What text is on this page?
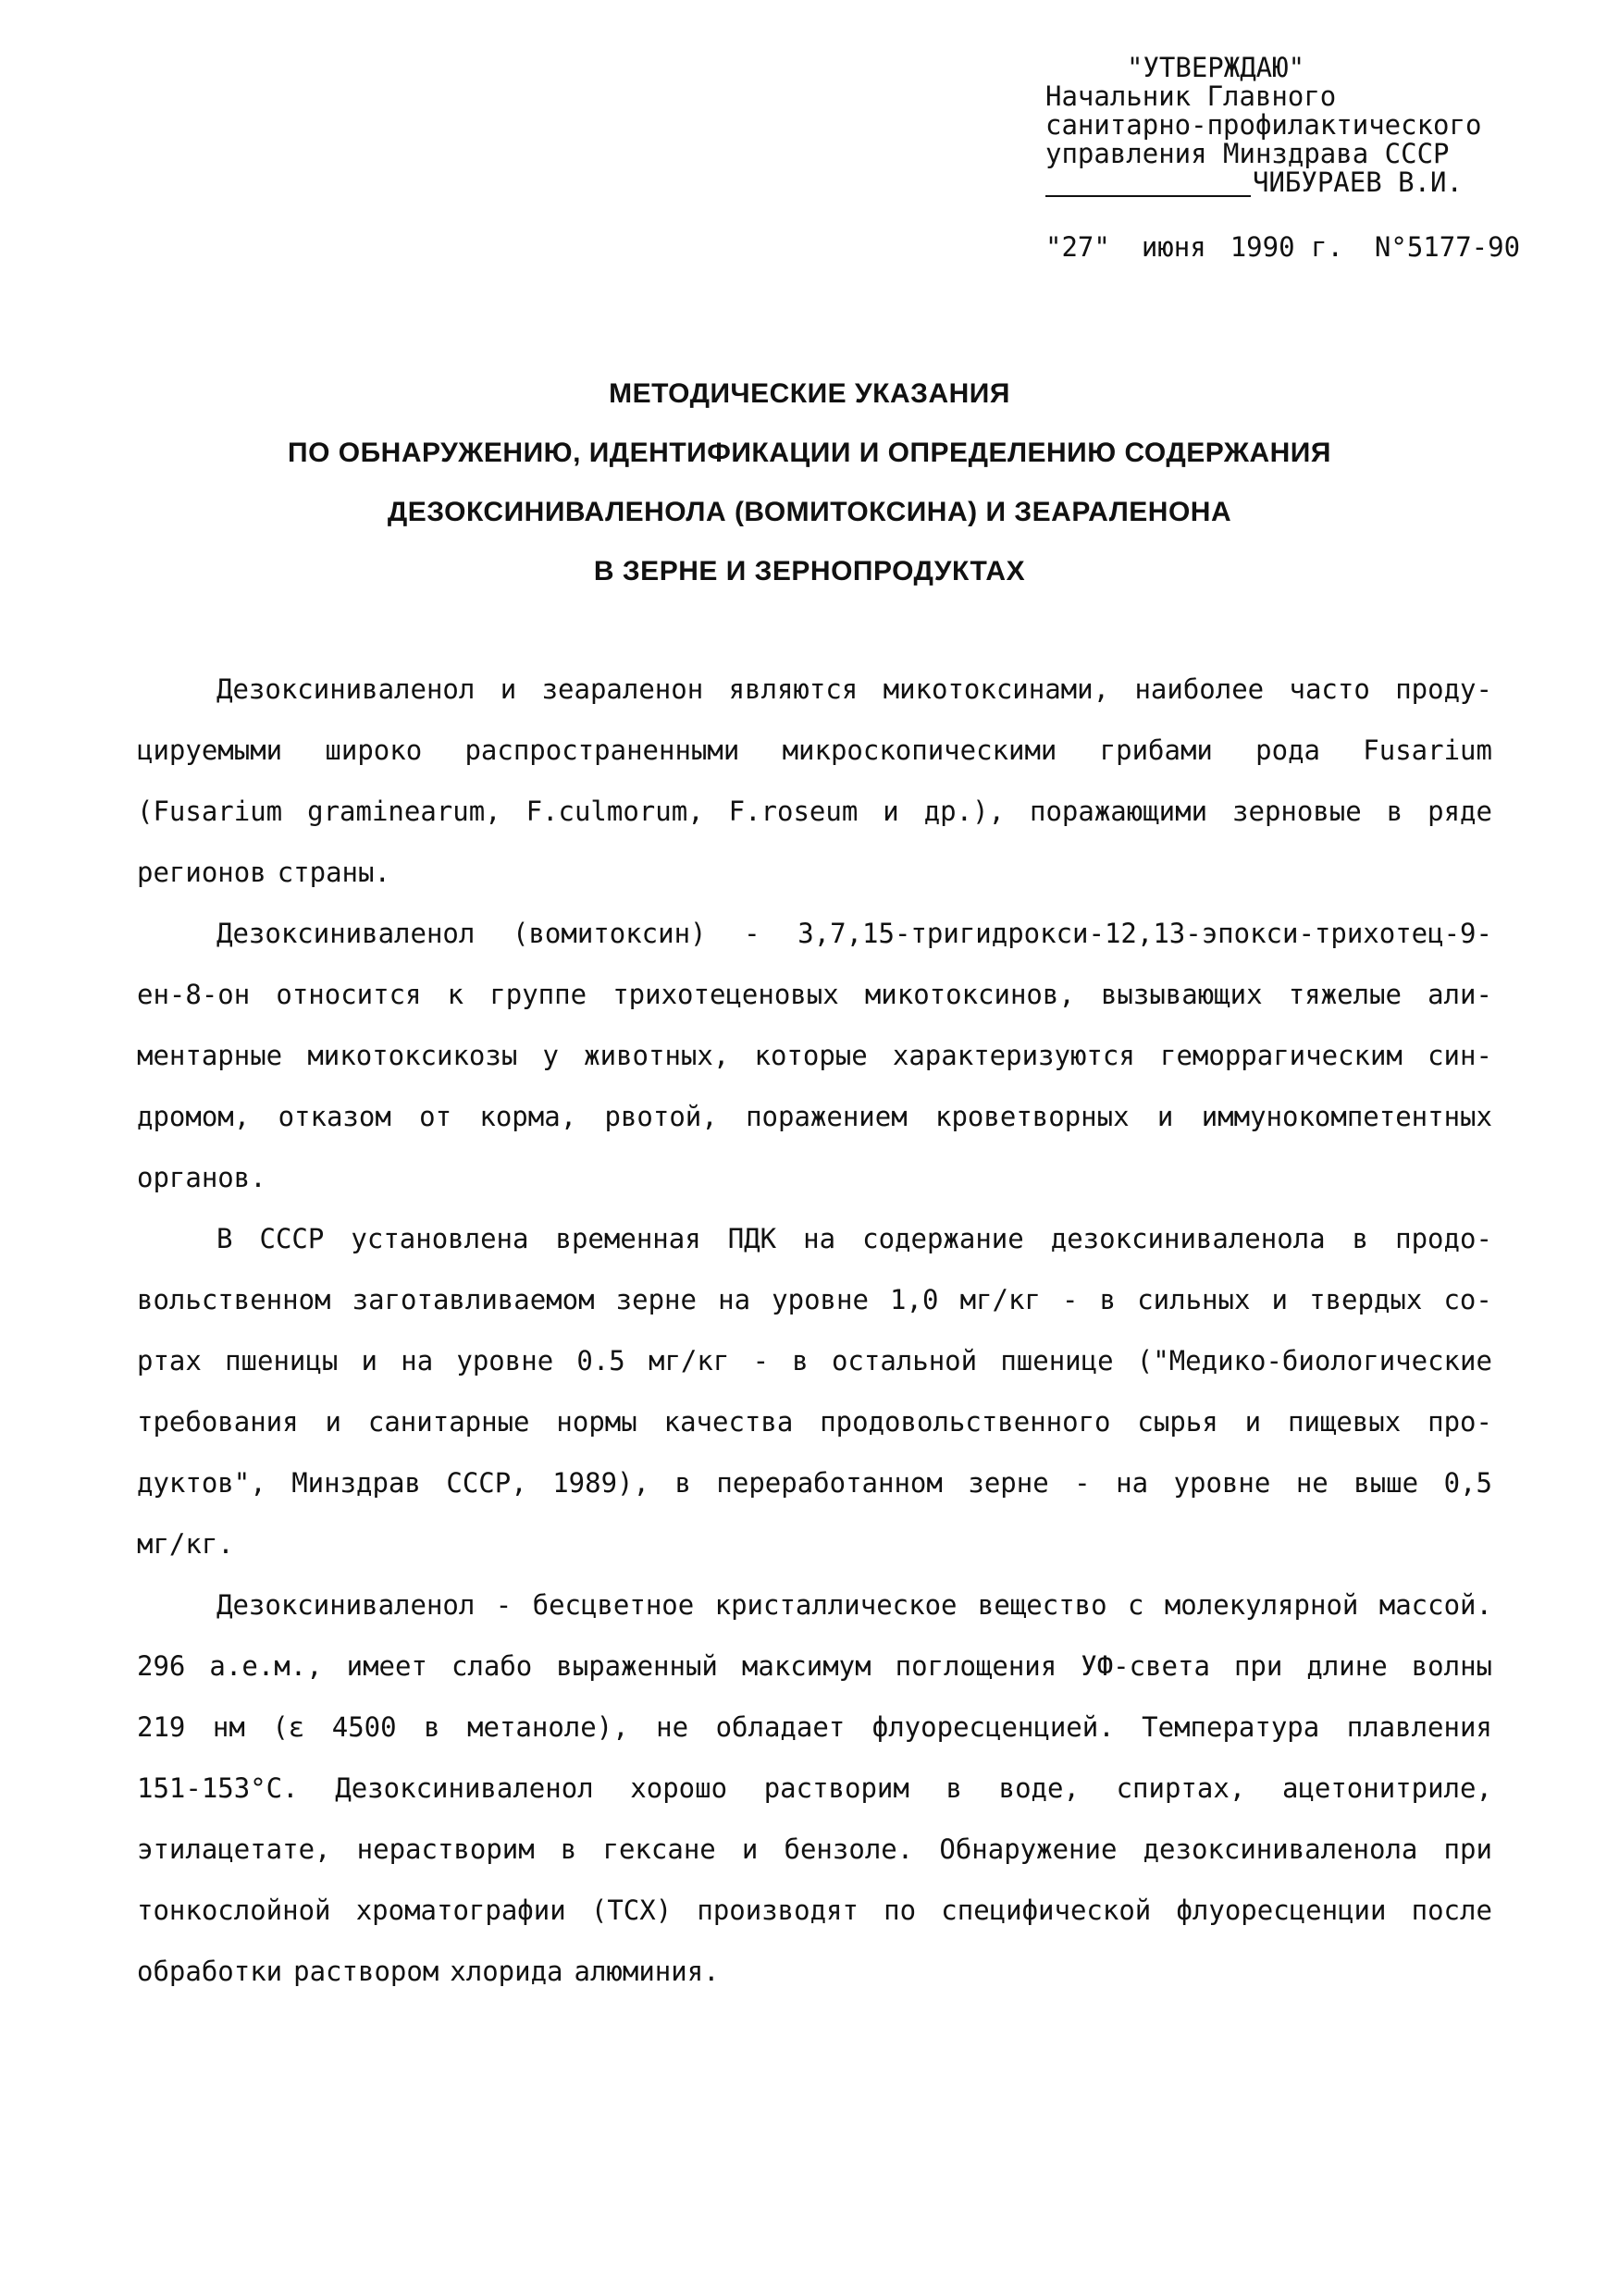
"УТВЕРЖДАЮ"
Начальник Главного
санитарно-профилактического
управления Минздрава СССР
ЧИБУРАЕВ В.И.
"27" июня 1990 г. N°5177-90
МЕТОДИЧЕСКИЕ УКАЗАНИЯ
ПО ОБНАРУЖЕНИЮ, ИДЕНТИФИКАЦИИ И ОПРЕДЕЛЕНИЮ СОДЕРЖАНИЯ
ДЕЗОКСИНИВАЛЕНОЛА (ВОМИТОКСИНА) И ЗЕАРАЛЕНОНА
В ЗЕРНЕ И ЗЕРНОПРОДУКТАХ
Дезоксиниваленол и зеараленон являются микотоксинами, наиболее часто проду-
цируемыми широко распространенными микроскопическими грибами рода Fusarium
(Fusarium graminearum, F.culmorum, F.roseum и др.), поражающими зерновые в ряде
регионов страны.
Дезоксиниваленол (вомитоксин) - 3,7,15-тригидрокси-12,13-эпокси-трихотец-9-
ен-8-он относится к группе трихотеценовых микотоксинов, вызывающих тяжелые али-
ментарные микотоксикозы у животных, которые характеризуются геморрагическим син-
дромом, отказом от корма, рвотой, поражением кроветворных и иммунокомпетентных
органов.
В СССР установлена временная ПДК на содержание дезоксиниваленола в продо-
вольственном заготавливаемом зерне на уровне 1,0 мг/кг - в сильных и твердых со-
ртах пшеницы и на уровне 0.5 мг/кг - в остальной пшенице ("Медико-биологические
требования и санитарные нормы качества продовольственного сырья и пищевых про-
дуктов", Минздрав СССР, 1989), в переработанном зерне - на уровне не выше 0,5
мг/кг.
Дезоксиниваленол - бесцветное кристаллическое вещество с молекулярной массой.
296 а.е.м., имеет слабо выраженный максимум поглощения УФ-света при длине волны
219 нм (ε 4500 в метаноле), не обладает флуоресценцией. Температура плавления
151-153°С. Дезоксиниваленол хорошо растворим в воде, спиртах, ацетонитриле,
этилацетате, нерастворим в гексане и бензоле. Обнаружение дезоксиниваленола при
тонкослойной хроматографии (ТСХ) производят по специфической флуоресценции после
обработки раствором хлорида алюминия.
